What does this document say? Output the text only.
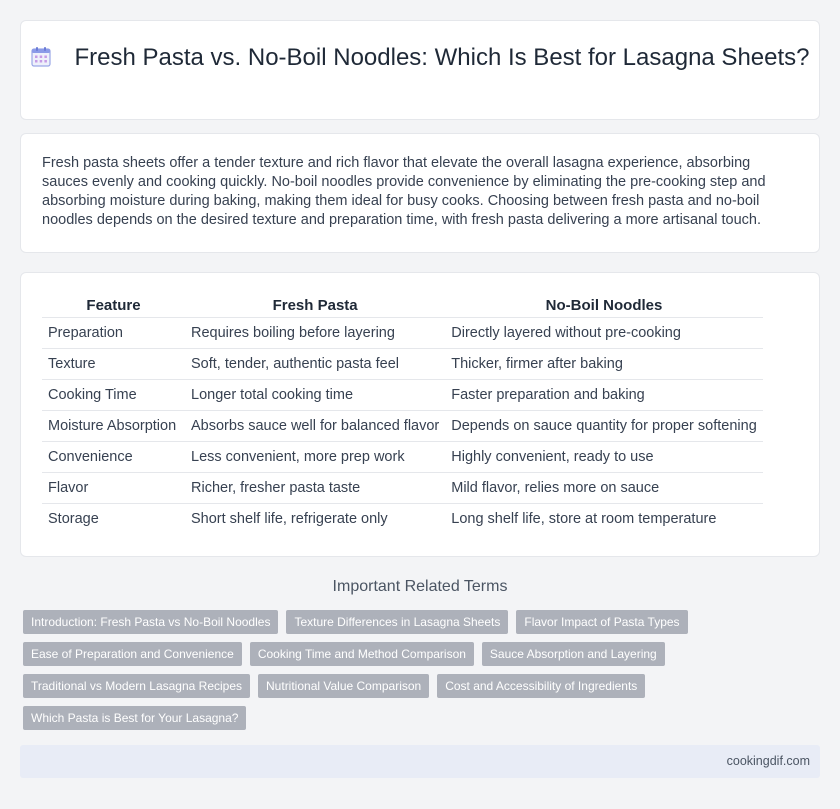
Fresh Pasta vs. No-Boil Noodles: Which Is Best for Lasagna Sheets?

Fresh pasta sheets offer a tender texture and rich flavor that elevate the overall lasagna experience, absorbing sauces evenly and cooking quickly. No-boil noodles provide convenience by eliminating the pre-cooking step and absorbing moisture during baking, making them ideal for busy cooks. Choosing between fresh pasta and no-boil noodles depends on the desired texture and preparation time, with fresh pasta delivering a more artisanal touch.

Feature	Fresh Pasta	No-Boil Noodles
Preparation	Requires boiling before layering	Directly layered without pre-cooking
Texture	Soft, tender, authentic pasta feel	Thicker, firmer after baking
Cooking Time	Longer total cooking time	Faster preparation and baking
Moisture Absorption	Absorbs sauce well for balanced flavor	Depends on sauce quantity for proper softening
Convenience	Less convenient, more prep work	Highly convenient, ready to use
Flavor	Richer, fresher pasta taste	Mild flavor, relies more on sauce
Storage	Short shelf life, refrigerate only	Long shelf life, store at room temperature
Important Related Terms
Introduction: Fresh Pasta vs No-Boil Noodles	Texture Differences in Lasagna Sheets	Flavor Impact of Pasta Types
Ease of Preparation and Convenience	Cooking Time and Method Comparison	Sauce Absorption and Layering
Traditional vs Modern Lasagna Recipes	Nutritional Value Comparison	Cost and Accessibility of Ingredients
Which Pasta is Best for Your Lasagna?
cookingdif.com
